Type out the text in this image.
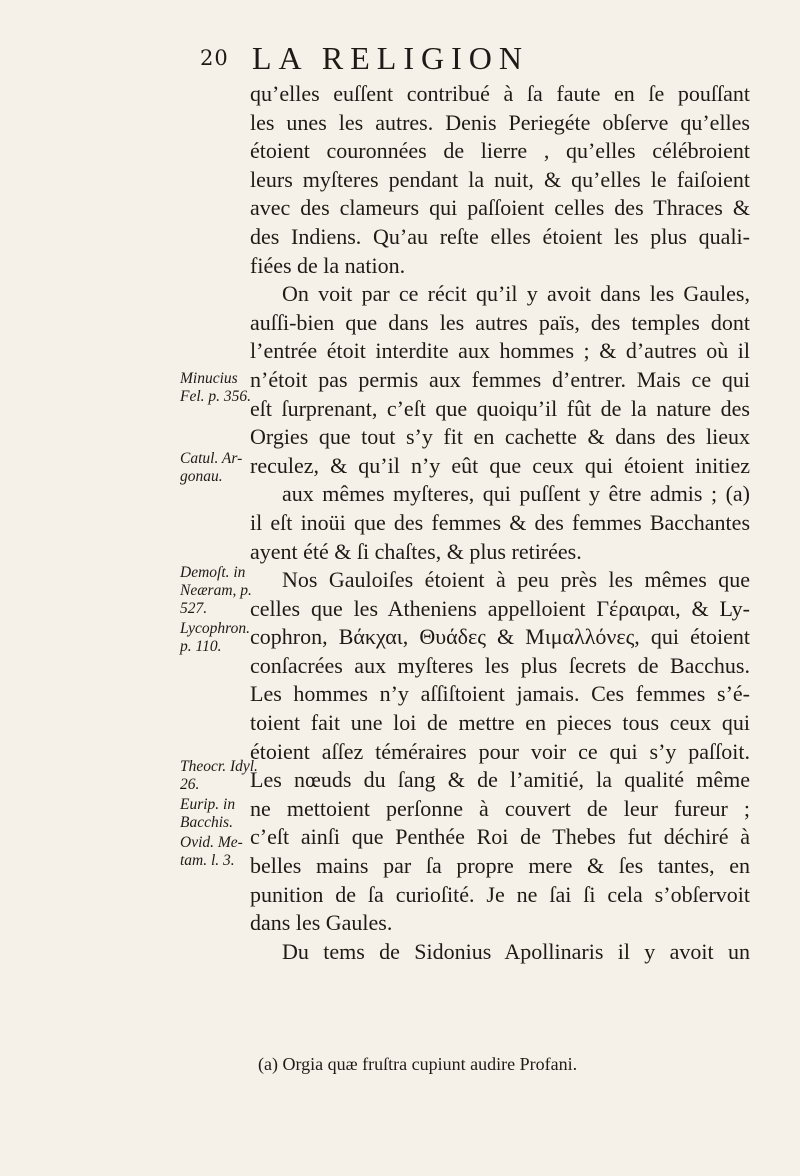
20 LA RELIGION
qu’elles euſſent contribué à ſa faute en ſe pouſſant
les unes les autres. Denis Periegéte obſerve qu’elles
étoient couronnées de lierre , qu’elles célébroient
leurs myſteres pendant la nuit, & qu’elles le faiſoient
avec des clameurs qui paſſoient celles des Thraces &
des Indiens. Qu’au reſte elles étoient les plus quali-
fiées de la nation.
On voit par ce récit qu’il y avoit dans les Gaules,
auſſi-bien que dans les autres païs, des temples dont
l’entrée étoit interdite aux hommes ; & d’autres où il
n’étoit pas permis aux femmes d’entrer. Mais ce qui
eſt ſurprenant, c’eſt que quoiqu’il fût de la nature des
Orgies que tout s’y fit en cachette & dans des lieux
reculez, & qu’il n’y eût que ceux qui étoient initiez
aux mêmes myſteres, qui puſſent y être admis ; (a)
il eſt inoüi que des femmes & des femmes Bacchantes
ayent été & ſi chaſtes, & plus retirées.
Nos Gauloiſes étoient à peu près les mêmes que
celles que les Atheniens appelloient Γέραιραι, & Ly-
cophron, Βάκχαι, Θυάδες & Μιμαλλόνες, qui étoient
conſacrées aux myſteres les plus ſecrets de Bacchus.
Les hommes n’y aſſiſtoient jamais. Ces femmes s’é-
toient fait une loi de mettre en pieces tous ceux qui
étoient aſſez téméraires pour voir ce qui s’y paſſoit.
Les nœuds du ſang & de l’amitié, la qualité même
ne mettoient perſonne à couvert de leur fureur ;
c’eſt ainſi que Penthée Roi de Thebes fut déchiré à
belles mains par ſa propre mere & ſes tantes, en
punition de ſa curioſité. Je ne ſai ſi cela s’obſervoit
dans les Gaules.
Du tems de Sidonius Apollinaris il y avoit un
Minucius
Fel. p. 356.
Catul. Ar-
gonau.
Demoſt. in
Neæram, p.
527.
Lycophron.
p. 110.
Theocr. Idyl.
26.
Eurip. in
Bacchis.
Ovid. Me-
tam. l. 3.
(a) Orgia quæ fruſtra cupiunt audire Profani.
